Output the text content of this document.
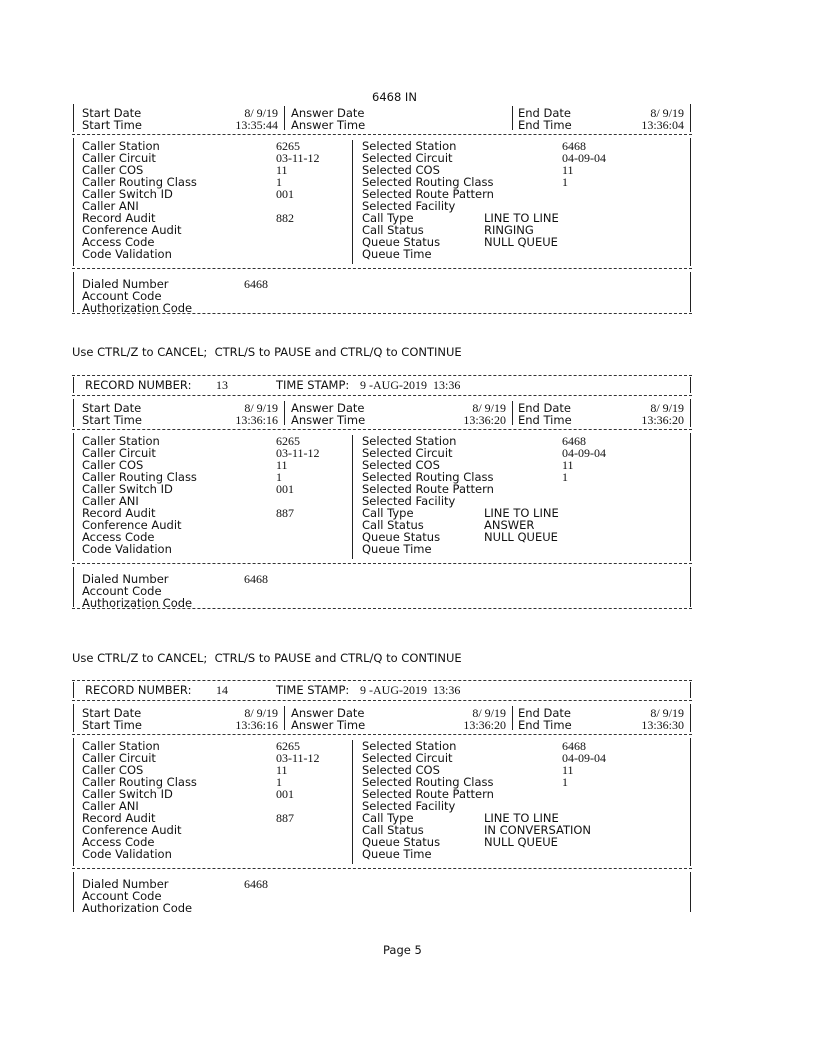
6468 IN
Start Date	8/ 9/19
Start Time	13:35:44
Answer Date
Answer Time
End Date	8/ 9/19
End Time	13:36:04
Caller Station	6265
Caller Circuit	03-11-12
Caller COS	11
Caller Routing Class	1
Caller Switch ID	001
Caller ANI
Record Audit	882
Conference Audit
Access Code
Code Validation
Selected Station	6468
Selected Circuit	04-09-04
Selected COS	11
Selected Routing Class	1
Selected Route Pattern
Selected Facility
Call Type	LINE TO LINE
Call Status	RINGING
Queue Status	NULL QUEUE
Queue Time
Dialed Number	6468
Account Code
Authorization Code
Use CTRL/Z to CANCEL;  CTRL/S to PAUSE and CTRL/Q to CONTINUE
RECORD NUMBER: 13	TIME STAMP: 9 -AUG-2019  13:36
Start Date	8/ 9/19
Start Time	13:36:16
Answer Date	8/ 9/19
Answer Time	13:36:20
End Date	8/ 9/19
End Time	13:36:20
Caller Station	6265
Caller Circuit	03-11-12
Caller COS	11
Caller Routing Class	1
Caller Switch ID	001
Caller ANI
Record Audit	887
Conference Audit
Access Code
Code Validation
Selected Station	6468
Selected Circuit	04-09-04
Selected COS	11
Selected Routing Class	1
Selected Route Pattern
Selected Facility
Call Type	LINE TO LINE
Call Status	ANSWER
Queue Status	NULL QUEUE
Queue Time
Dialed Number	6468
Account Code
Authorization Code
Use CTRL/Z to CANCEL;  CTRL/S to PAUSE and CTRL/Q to CONTINUE
RECORD NUMBER: 14	TIME STAMP: 9 -AUG-2019  13:36
Start Date	8/ 9/19
Start Time	13:36:16
Answer Date	8/ 9/19
Answer Time	13:36:20
End Date	8/ 9/19
End Time	13:36:30
Caller Station	6265
Caller Circuit	03-11-12
Caller COS	11
Caller Routing Class	1
Caller Switch ID	001
Caller ANI
Record Audit	887
Conference Audit
Access Code
Code Validation
Selected Station	6468
Selected Circuit	04-09-04
Selected COS	11
Selected Routing Class	1
Selected Route Pattern
Selected Facility
Call Type	LINE TO LINE
Call Status	IN CONVERSATION
Queue Status	NULL QUEUE
Queue Time
Dialed Number	6468
Account Code
Authorization Code
Page 5
